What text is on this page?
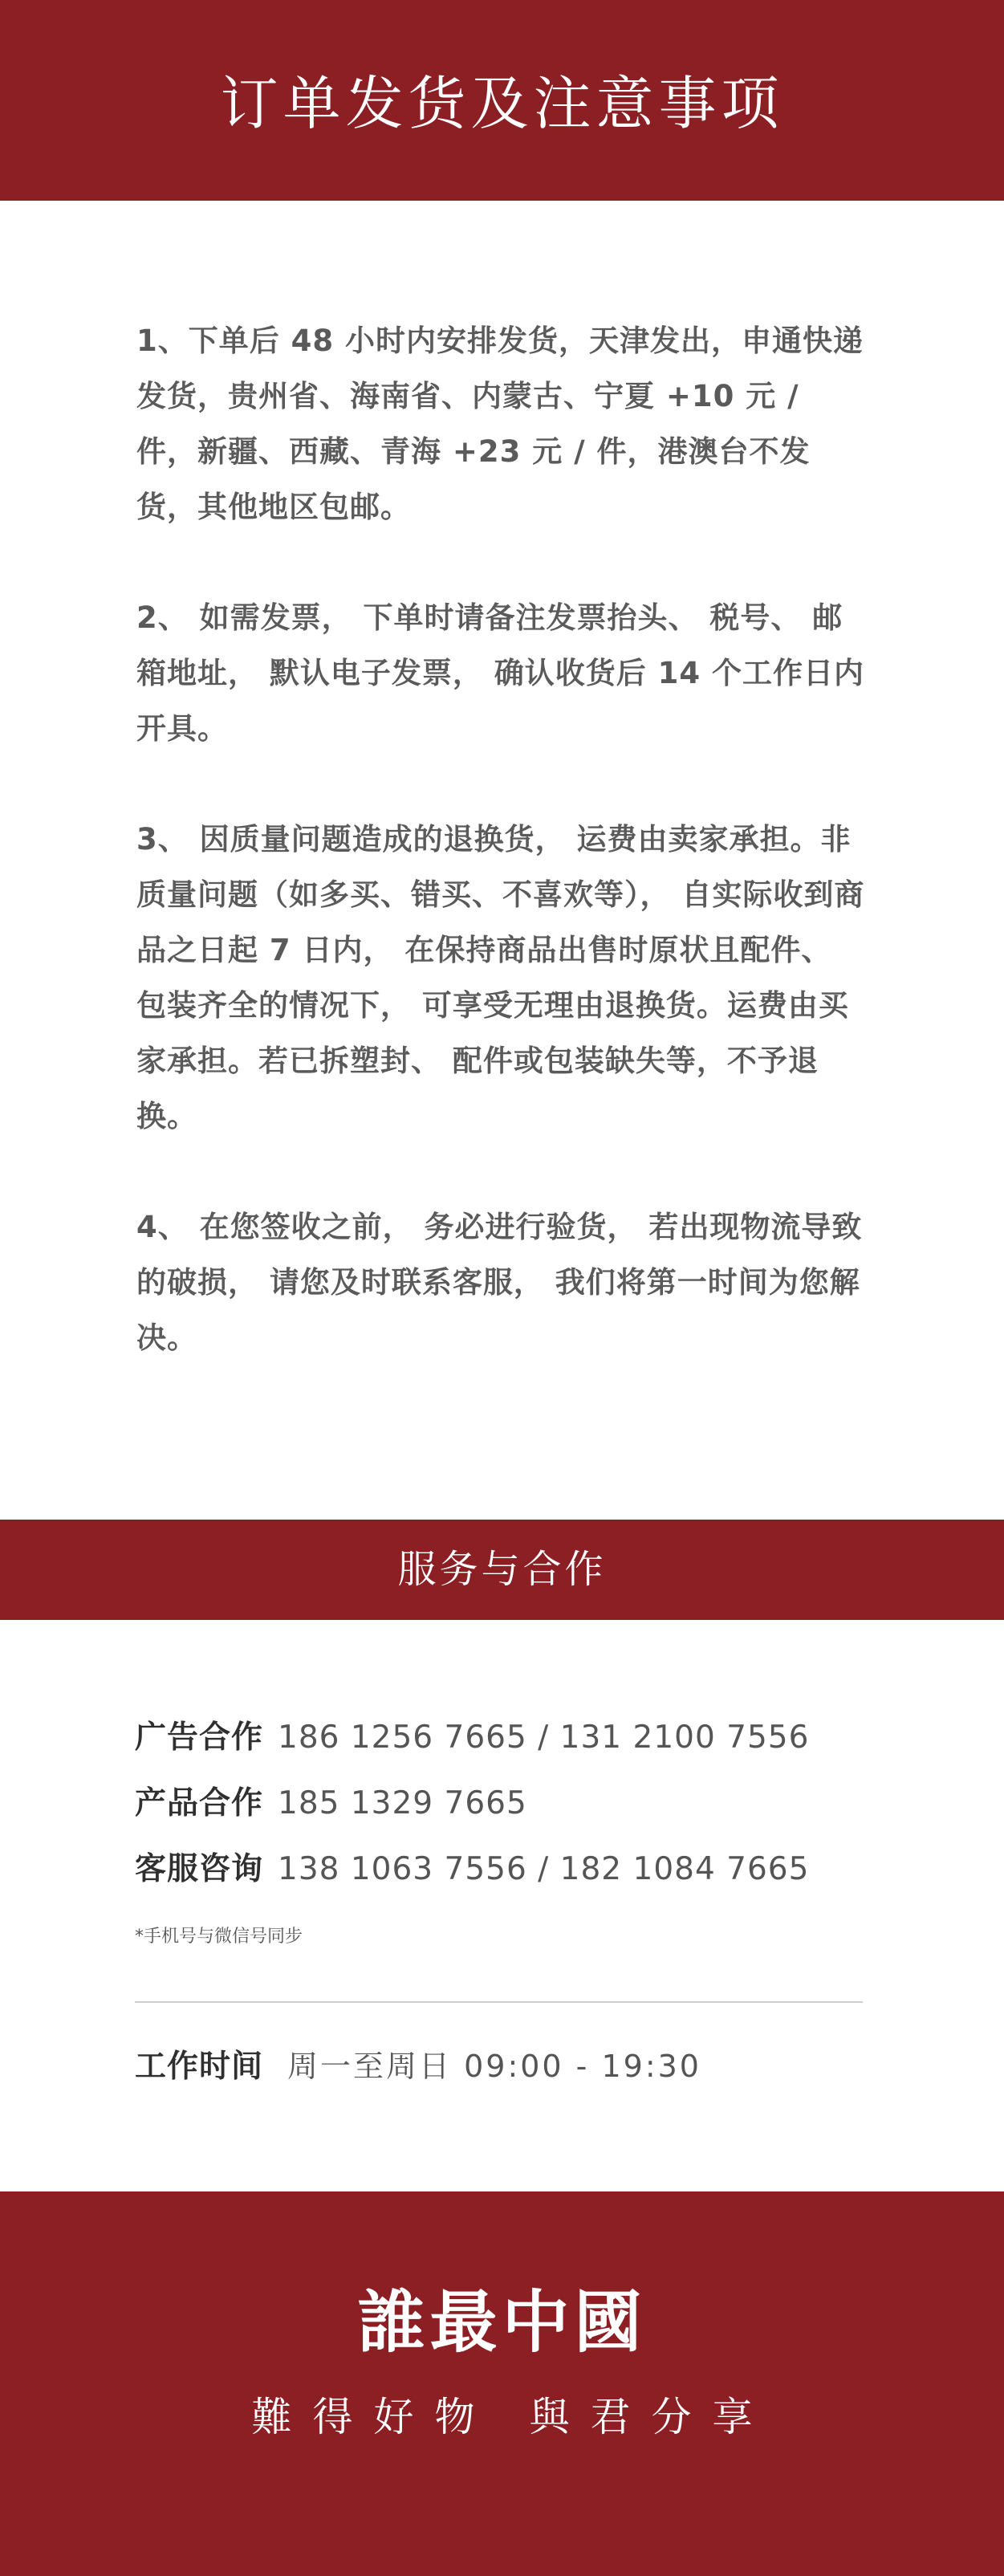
订单发货及注意事项

1、下单后 48 小时内安排发货，天津发出，申通快递发货，贵州省、海南省、内蒙古、宁夏 +10 元 / 件，新疆、西藏、青海 +23 元 / 件，港澳台不发货，其他地区包邮。

2、 如需发票， 下单时请备注发票抬头、 税号、 邮箱地址， 默认电子发票， 确认收货后 14 个工作日内开具。

3、 因质量问题造成的退换货， 运费由卖家承担。非质量问题（如多买、错买、不喜欢等）， 自实际收到商品之日起 7 日内， 在保持商品出售时原状且配件、 包装齐全的情况下， 可享受无理由退换货。运费由买家承担。若已拆塑封、 配件或包装缺失等，不予退换。

4、 在您签收之前， 务必进行验货， 若出现物流导致的破损， 请您及时联系客服， 我们将第一时间为您解决。

服务与合作
广告合作 186 1256 7665 / 131 2100 7556
产品合作 185 1329 7665
客服咨询 138 1063 7556 / 182 1084 7665
*手机号与微信号同步
工作时间 周一至周日 09:00 - 19:30
誰最中國
難得好物 與君分享
